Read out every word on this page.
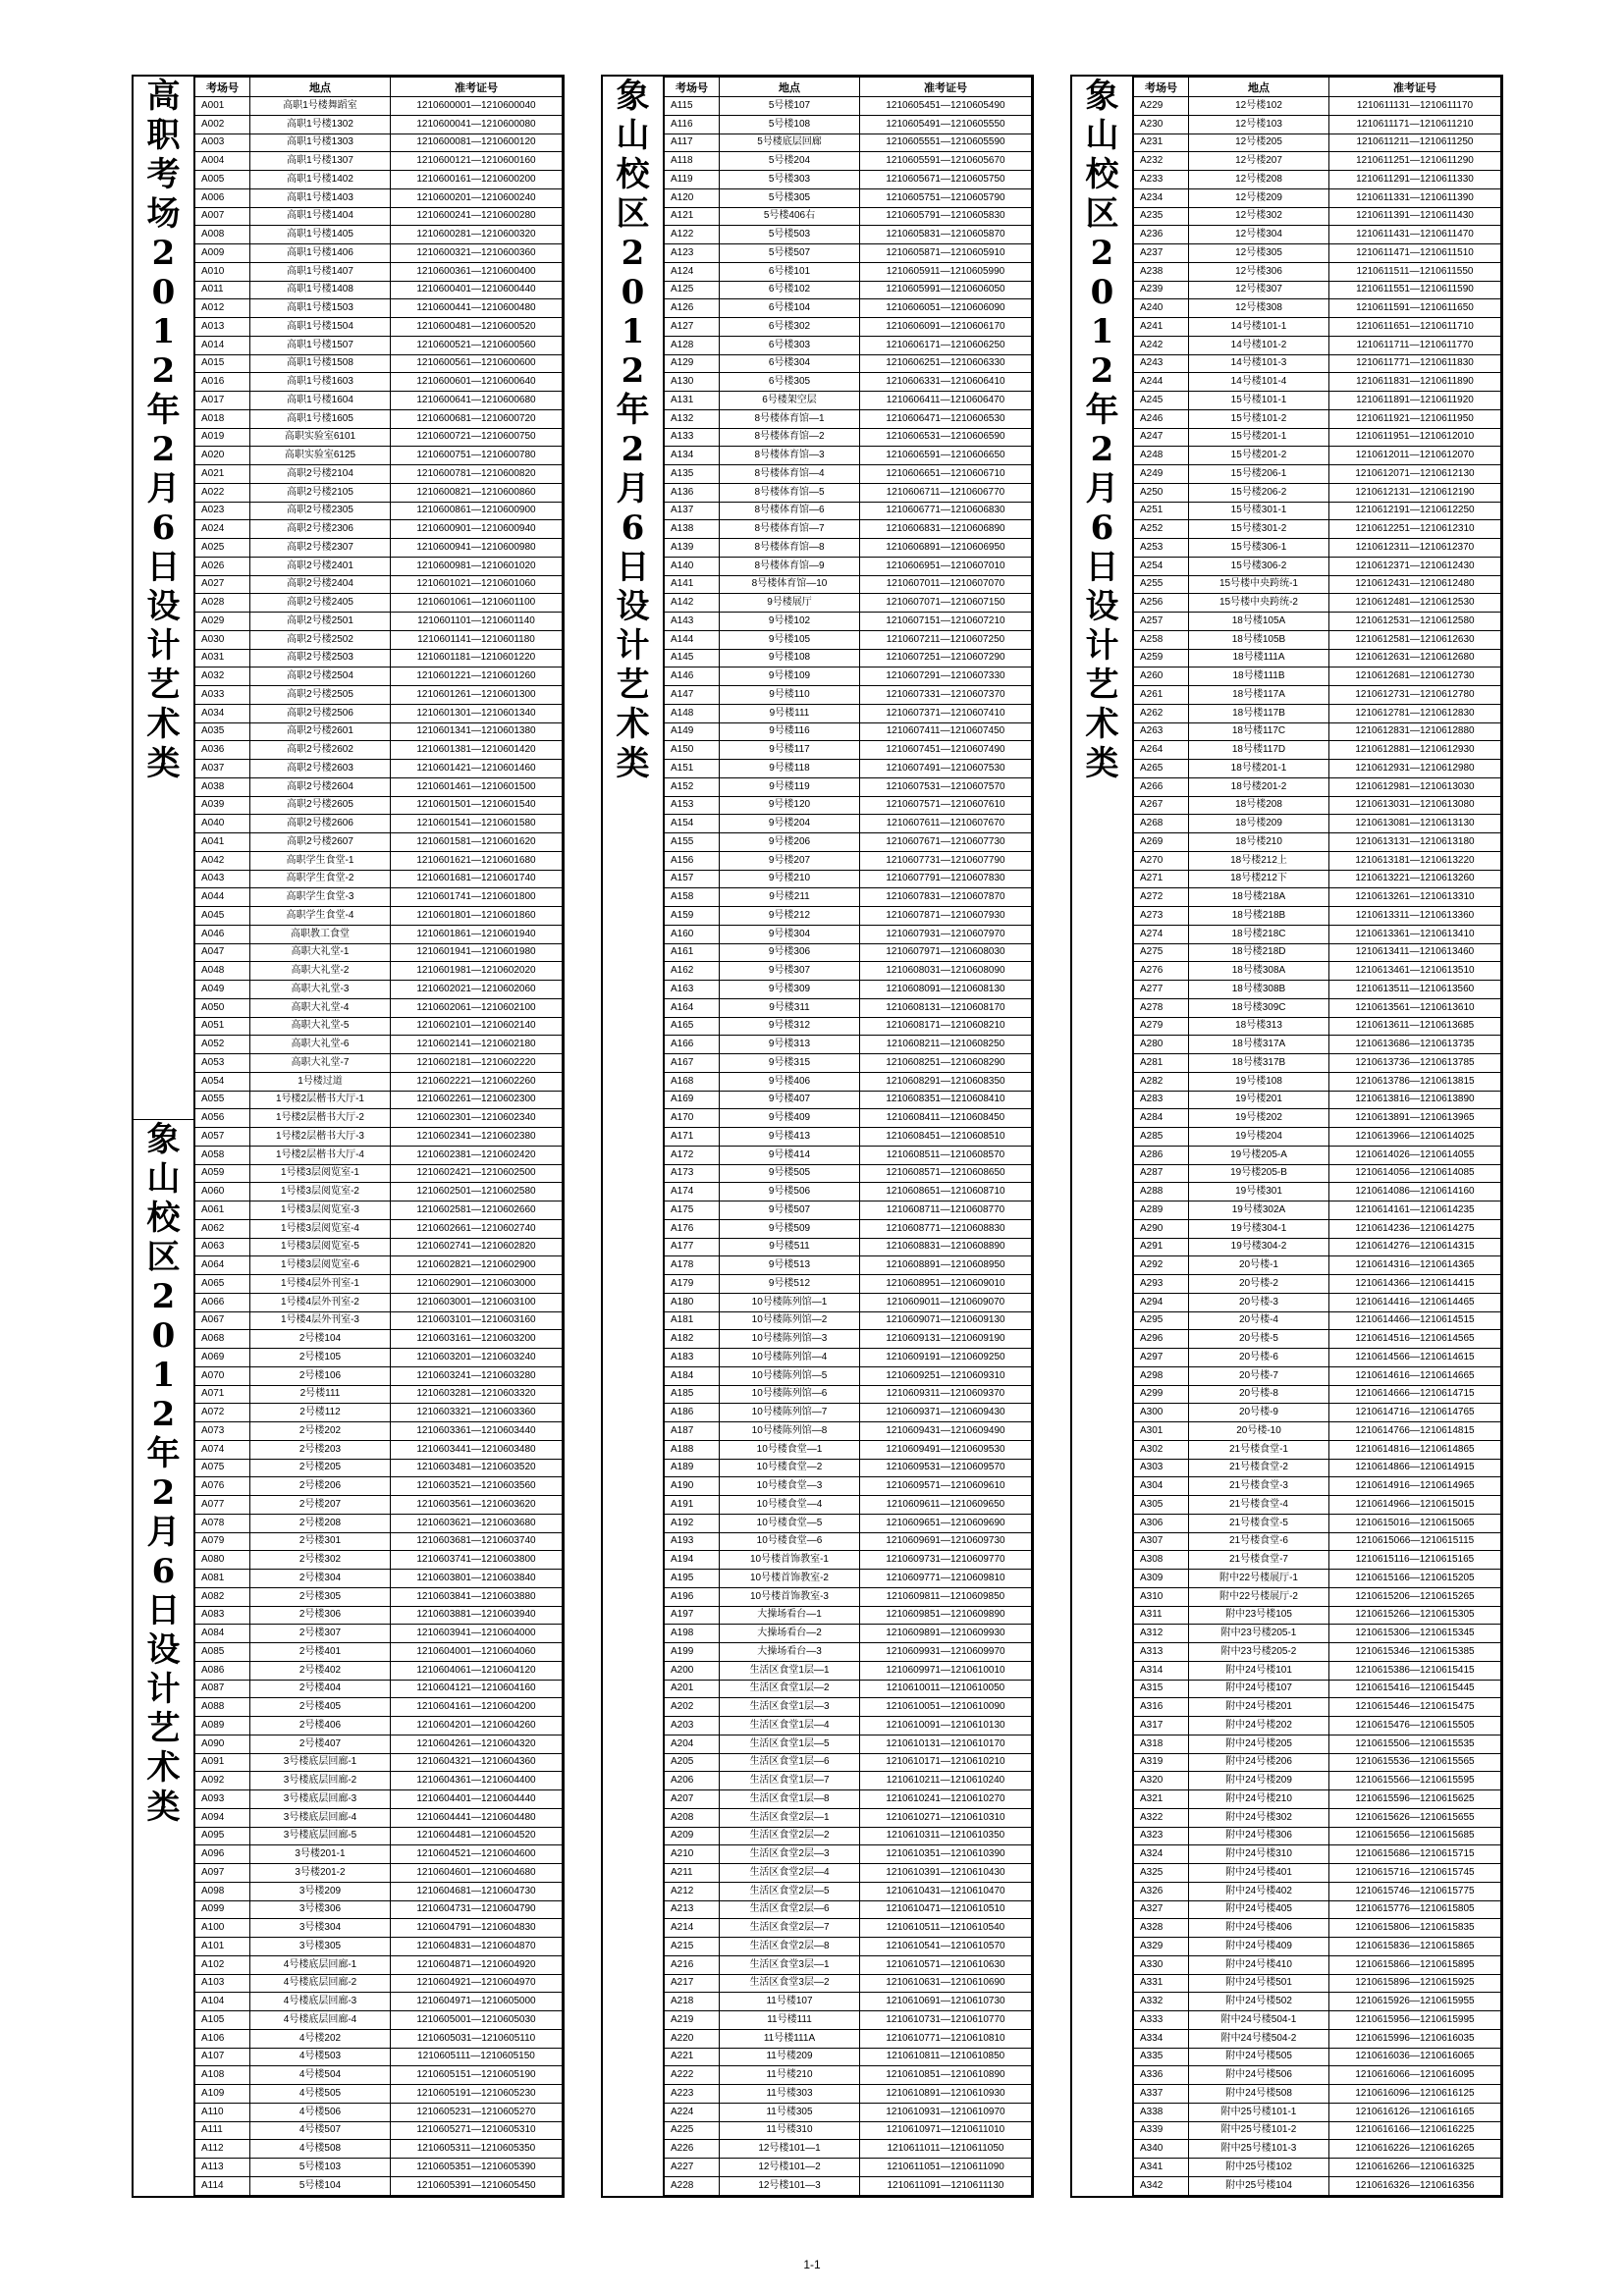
高职考场 2012年2月6日 设计艺术类
象山校区 2012年2月6日 设计艺术类
考场号	地点	准考证号
A001	高职1号楼舞蹈室	1210600001—1210600040
A002	高职1号楼1302	1210600041—1210600080
A003	高职1号楼1303	1210600081—1210600120
A004	高职1号楼1307	1210600121—1210600160
A005	高职1号楼1402	1210600161—1210600200
A006	高职1号楼1403	1210600201—1210600240
A007	高职1号楼1404	1210600241—1210600280
A008	高职1号楼1405	1210600281—1210600320
A009	高职1号楼1406	1210600321—1210600360
A010	高职1号楼1407	1210600361—1210600400
A011	高职1号楼1408	1210600401—1210600440
A012	高职1号楼1503	1210600441—1210600480
A013	高职1号楼1504	1210600481—1210600520
A014	高职1号楼1507	1210600521—1210600560
A015	高职1号楼1508	1210600561—1210600600
A016	高职1号楼1603	1210600601—1210600640
A017	高职1号楼1604	1210600641—1210600680
A018	高职1号楼1605	1210600681—1210600720
A019	高职实验室6101	1210600721—1210600750
A020	高职实验室6125	1210600751—1210600780
A021	高职2号楼2104	1210600781—1210600820
A022	高职2号楼2105	1210600821—1210600860
A023	高职2号楼2305	1210600861—1210600900
A024	高职2号楼2306	1210600901—1210600940
A025	高职2号楼2307	1210600941—1210600980
A026	高职2号楼2401	1210600981—1210601020
A027	高职2号楼2404	1210601021—1210601060
A028	高职2号楼2405	1210601061—1210601100
A029	高职2号楼2501	1210601101—1210601140
A030	高职2号楼2502	1210601141—1210601180
A031	高职2号楼2503	1210601181—1210601220
A032	高职2号楼2504	1210601221—1210601260
A033	高职2号楼2505	1210601261—1210601300
A034	高职2号楼2506	1210601301—1210601340
A035	高职2号楼2601	1210601341—1210601380
A036	高职2号楼2602	1210601381—1210601420
A037	高职2号楼2603	1210601421—1210601460
A038	高职2号楼2604	1210601461—1210601500
A039	高职2号楼2605	1210601501—1210601540
A040	高职2号楼2606	1210601541—1210601580
A041	高职2号楼2607	1210601581—1210601620
A042	高职学生食堂-1	1210601621—1210601680
A043	高职学生食堂-2	1210601681—1210601740
A044	高职学生食堂-3	1210601741—1210601800
A045	高职学生食堂-4	1210601801—1210601860
A046	高职教工食堂	1210601861—1210601940
A047	高职大礼堂-1	1210601941—1210601980
A048	高职大礼堂-2	1210601981—1210602020
A049	高职大礼堂-3	1210602021—1210602060
A050	高职大礼堂-4	1210602061—1210602100
A051	高职大礼堂-5	1210602101—1210602140
A052	高职大礼堂-6	1210602141—1210602180
A053	高职大礼堂-7	1210602181—1210602220
A054	1号楼过道	1210602221—1210602260
A055	1号楼2层楷书大厅-1	1210602261—1210602300
A056	1号楼2层楷书大厅-2	1210602301—1210602340
A057	1号楼2层楷书大厅-3	1210602341—1210602380
A058	1号楼2层楷书大厅-4	1210602381—1210602420
A059	1号楼3层阅览室-1	1210602421—1210602500
A060	1号楼3层阅览室-2	1210602501—1210602580
A061	1号楼3层阅览室-3	1210602581—1210602660
A062	1号楼3层阅览室-4	1210602661—1210602740
A063	1号楼3层阅览室-5	1210602741—1210602820
A064	1号楼3层阅览室-6	1210602821—1210602900
A065	1号楼4层外刊室-1	1210602901—1210603000
A066	1号楼4层外刊室-2	1210603001—1210603100
A067	1号楼4层外刊室-3	1210603101—1210603160
A068	2号楼104	1210603161—1210603200
A069	2号楼105	1210603201—1210603240
A070	2号楼106	1210603241—1210603280
A071	2号楼111	1210603281—1210603320
A072	2号楼112	1210603321—1210603360
A073	2号楼202	1210603361—1210603440
A074	2号楼203	1210603441—1210603480
A075	2号楼205	1210603481—1210603520
A076	2号楼206	1210603521—1210603560
A077	2号楼207	1210603561—1210603620
A078	2号楼208	1210603621—1210603680
A079	2号楼301	1210603681—1210603740
A080	2号楼302	1210603741—1210603800
A081	2号楼304	1210603801—1210603840
A082	2号楼305	1210603841—1210603880
A083	2号楼306	1210603881—1210603940
A084	2号楼307	1210603941—1210604000
A085	2号楼401	1210604001—1210604060
A086	2号楼402	1210604061—1210604120
A087	2号楼404	1210604121—1210604160
A088	2号楼405	1210604161—1210604200
A089	2号楼406	1210604201—1210604260
A090	2号楼407	1210604261—1210604320
A091	3号楼底层回廊-1	1210604321—1210604360
A092	3号楼底层回廊-2	1210604361—1210604400
A093	3号楼底层回廊-3	1210604401—1210604440
A094	3号楼底层回廊-4	1210604441—1210604480
A095	3号楼底层回廊-5	1210604481—1210604520
A096	3号楼201-1	1210604521—1210604600
A097	3号楼201-2	1210604601—1210604680
A098	3号楼209	1210604681—1210604730
A099	3号楼306	1210604731—1210604790
A100	3号楼304	1210604791—1210604830
A101	3号楼305	1210604831—1210604870
A102	4号楼底层回廊-1	1210604871—1210604920
A103	4号楼底层回廊-2	1210604921—1210604970
A104	4号楼底层回廊-3	1210604971—1210605000
A105	4号楼底层回廊-4	1210605001—1210605030
A106	4号楼202	1210605031—1210605110
A107	4号楼503	1210605111—1210605150
A108	4号楼504	1210605151—1210605190
A109	4号楼505	1210605191—1210605230
A110	4号楼506	1210605231—1210605270
A111	4号楼507	1210605271—1210605310
A112	4号楼508	1210605311—1210605350
A113	5号楼103	1210605351—1210605390
A114	5号楼104	1210605391—1210605450
象山校区 2012年2月6日 设计艺术类
考场号	地点	准考证号
A115	5号楼107	1210605451—1210605490
A116	5号楼108	1210605491—1210605550
A117	5号楼底层回廊	1210605551—1210605590
A118	5号楼204	1210605591—1210605670
A119	5号楼303	1210605671—1210605750
A120	5号楼305	1210605751—1210605790
A121	5号楼406右	1210605791—1210605830
A122	5号楼503	1210605831—1210605870
A123	5号楼507	1210605871—1210605910
A124	6号楼101	1210605911—1210605990
A125	6号楼102	1210605991—1210606050
A126	6号楼104	1210606051—1210606090
A127	6号楼302	1210606091—1210606170
A128	6号楼303	1210606171—1210606250
A129	6号楼304	1210606251—1210606330
A130	6号楼305	1210606331—1210606410
A131	6号楼架空层	1210606411—1210606470
A132	8号楼体育馆—1	1210606471—1210606530
A133	8号楼体育馆—2	1210606531—1210606590
A134	8号楼体育馆—3	1210606591—1210606650
A135	8号楼体育馆—4	1210606651—1210606710
A136	8号楼体育馆—5	1210606711—1210606770
A137	8号楼体育馆—6	1210606771—1210606830
A138	8号楼体育馆—7	1210606831—1210606890
A139	8号楼体育馆—8	1210606891—1210606950
A140	8号楼体育馆—9	1210606951—1210607010
A141	8号楼体育馆—10	1210607011—1210607070
A142	9号楼展厅	1210607071—1210607150
A143	9号楼102	1210607151—1210607210
A144	9号楼105	1210607211—1210607250
A145	9号楼108	1210607251—1210607290
A146	9号楼109	1210607291—1210607330
A147	9号楼110	1210607331—1210607370
A148	9号楼111	1210607371—1210607410
A149	9号楼116	1210607411—1210607450
A150	9号楼117	1210607451—1210607490
A151	9号楼118	1210607491—1210607530
A152	9号楼119	1210607531—1210607570
A153	9号楼120	1210607571—1210607610
A154	9号楼204	1210607611—1210607670
A155	9号楼206	1210607671—1210607730
A156	9号楼207	1210607731—1210607790
A157	9号楼210	1210607791—1210607830
A158	9号楼211	1210607831—1210607870
A159	9号楼212	1210607871—1210607930
A160	9号楼304	1210607931—1210607970
A161	9号楼306	1210607971—1210608030
A162	9号楼307	1210608031—1210608090
A163	9号楼309	1210608091—1210608130
A164	9号楼311	1210608131—1210608170
A165	9号楼312	1210608171—1210608210
A166	9号楼313	1210608211—1210608250
A167	9号楼315	1210608251—1210608290
A168	9号楼406	1210608291—1210608350
A169	9号楼407	1210608351—1210608410
A170	9号楼409	1210608411—1210608450
A171	9号楼413	1210608451—1210608510
A172	9号楼414	1210608511—1210608570
A173	9号楼505	1210608571—1210608650
A174	9号楼506	1210608651—1210608710
A175	9号楼507	1210608711—1210608770
A176	9号楼509	1210608771—1210608830
A177	9号楼511	1210608831—1210608890
A178	9号楼513	1210608891—1210608950
A179	9号楼512	1210608951—1210609010
A180	10号楼陈列馆—1	1210609011—1210609070
A181	10号楼陈列馆—2	1210609071—1210609130
A182	10号楼陈列馆—3	1210609131—1210609190
A183	10号楼陈列馆—4	1210609191—1210609250
A184	10号楼陈列馆—5	1210609251—1210609310
A185	10号楼陈列馆—6	1210609311—1210609370
A186	10号楼陈列馆—7	1210609371—1210609430
A187	10号楼陈列馆—8	1210609431—1210609490
A188	10号楼食堂—1	1210609491—1210609530
A189	10号楼食堂—2	1210609531—1210609570
A190	10号楼食堂—3	1210609571—1210609610
A191	10号楼食堂—4	1210609611—1210609650
A192	10号楼食堂—5	1210609651—1210609690
A193	10号楼食堂—6	1210609691—1210609730
A194	10号楼首饰教室-1	1210609731—1210609770
A195	10号楼首饰教室-2	1210609771—1210609810
A196	10号楼首饰教室-3	1210609811—1210609850
A197	大操场看台—1	1210609851—1210609890
A198	大操场看台—2	1210609891—1210609930
A199	大操场看台—3	1210609931—1210609970
A200	生活区食堂1层—1	1210609971—1210610010
A201	生活区食堂1层—2	1210610011—1210610050
A202	生活区食堂1层—3	1210610051—1210610090
A203	生活区食堂1层—4	1210610091—1210610130
A204	生活区食堂1层—5	1210610131—1210610170
A205	生活区食堂1层—6	1210610171—1210610210
A206	生活区食堂1层—7	1210610211—1210610240
A207	生活区食堂1层—8	1210610241—1210610270
A208	生活区食堂2层—1	1210610271—1210610310
A209	生活区食堂2层—2	1210610311—1210610350
A210	生活区食堂2层—3	1210610351—1210610390
A211	生活区食堂2层—4	1210610391—1210610430
A212	生活区食堂2层—5	1210610431—1210610470
A213	生活区食堂2层—6	1210610471—1210610510
A214	生活区食堂2层—7	1210610511—1210610540
A215	生活区食堂2层—8	1210610541—1210610570
A216	生活区食堂3层—1	1210610571—1210610630
A217	生活区食堂3层—2	1210610631—1210610690
A218	11号楼107	1210610691—1210610730
A219	11号楼111	1210610731—1210610770
A220	11号楼111A	1210610771—1210610810
A221	11号楼209	1210610811—1210610850
A222	11号楼210	1210610851—1210610890
A223	11号楼303	1210610891—1210610930
A224	11号楼305	1210610931—1210610970
A225	11号楼310	1210610971—1210611010
A226	12号楼101—1	1210611011—1210611050
A227	12号楼101—2	1210611051—1210611090
A228	12号楼101—3	1210611091—1210611130
象山校区 2012年2月6日 设计艺术类
考场号	地点	准考证号
A229	12号楼102	1210611131—1210611170
A230	12号楼103	1210611171—1210611210
A231	12号楼205	1210611211—1210611250
A232	12号楼207	1210611251—1210611290
A233	12号楼208	1210611291—1210611330
A234	12号楼209	1210611331—1210611390
A235	12号楼302	1210611391—1210611430
A236	12号楼304	1210611431—1210611470
A237	12号楼305	1210611471—1210611510
A238	12号楼306	1210611511—1210611550
A239	12号楼307	1210611551—1210611590
A240	12号楼308	1210611591—1210611650
A241	14号楼101-1	1210611651—1210611710
A242	14号楼101-2	1210611711—1210611770
A243	14号楼101-3	1210611771—1210611830
A244	14号楼101-4	1210611831—1210611890
A245	15号楼101-1	1210611891—1210611920
A246	15号楼101-2	1210611921—1210611950
A247	15号楼201-1	1210611951—1210612010
A248	15号楼201-2	1210612011—1210612070
A249	15号楼206-1	1210612071—1210612130
A250	15号楼206-2	1210612131—1210612190
A251	15号楼301-1	1210612191—1210612250
A252	15号楼301-2	1210612251—1210612310
A253	15号楼306-1	1210612311—1210612370
A254	15号楼306-2	1210612371—1210612430
A255	15号楼中央跨统-1	1210612431—1210612480
A256	15号楼中央跨统-2	1210612481—1210612530
A257	18号楼105A	1210612531—1210612580
A258	18号楼105B	1210612581—1210612630
A259	18号楼111A	1210612631—1210612680
A260	18号楼111B	1210612681—1210612730
A261	18号楼117A	1210612731—1210612780
A262	18号楼117B	1210612781—1210612830
A263	18号楼117C	1210612831—1210612880
A264	18号楼117D	1210612881—1210612930
A265	18号楼201-1	1210612931—1210612980
A266	18号楼201-2	1210612981—1210613030
A267	18号楼208	1210613031—1210613080
A268	18号楼209	1210613081—1210613130
A269	18号楼210	1210613131—1210613180
A270	18号楼212上	1210613181—1210613220
A271	18号楼212下	1210613221—1210613260
A272	18号楼218A	1210613261—1210613310
A273	18号楼218B	1210613311—1210613360
A274	18号楼218C	1210613361—1210613410
A275	18号楼218D	1210613411—1210613460
A276	18号楼308A	1210613461—1210613510
A277	18号楼308B	1210613511—1210613560
A278	18号楼309C	1210613561—1210613610
A279	18号楼313	1210613611—1210613685
A280	18号楼317A	1210613686—1210613735
A281	18号楼317B	1210613736—1210613785
A282	19号楼108	1210613786—1210613815
A283	19号楼201	1210613816—1210613890
A284	19号楼202	1210613891—1210613965
A285	19号楼204	1210613966—1210614025
A286	19号楼205-A	1210614026—1210614055
A287	19号楼205-B	1210614056—1210614085
A288	19号楼301	1210614086—1210614160
A289	19号楼302A	1210614161—1210614235
A290	19号楼304-1	1210614236—1210614275
A291	19号楼304-2	1210614276—1210614315
A292	20号楼-1	1210614316—1210614365
A293	20号楼-2	1210614366—1210614415
A294	20号楼-3	1210614416—1210614465
A295	20号楼-4	1210614466—1210614515
A296	20号楼-5	1210614516—1210614565
A297	20号楼-6	1210614566—1210614615
A298	20号楼-7	1210614616—1210614665
A299	20号楼-8	1210614666—1210614715
A300	20号楼-9	1210614716—1210614765
A301	20号楼-10	1210614766—1210614815
A302	21号楼食堂-1	1210614816—1210614865
A303	21号楼食堂-2	1210614866—1210614915
A304	21号楼食堂-3	1210614916—1210614965
A305	21号楼食堂-4	1210614966—1210615015
A306	21号楼食堂-5	1210615016—1210615065
A307	21号楼食堂-6	1210615066—1210615115
A308	21号楼食堂-7	1210615116—1210615165
A309	附中22号楼展厅-1	1210615166—1210615205
A310	附中22号楼展厅-2	1210615206—1210615265
A311	附中23号楼105	1210615266—1210615305
A312	附中23号楼205-1	1210615306—1210615345
A313	附中23号楼205-2	1210615346—1210615385
A314	附中24号楼101	1210615386—1210615415
A315	附中24号楼107	1210615416—1210615445
A316	附中24号楼201	1210615446—1210615475
A317	附中24号楼202	1210615476—1210615505
A318	附中24号楼205	1210615506—1210615535
A319	附中24号楼206	1210615536—1210615565
A320	附中24号楼209	1210615566—1210615595
A321	附中24号楼210	1210615596—1210615625
A322	附中24号楼302	1210615626—1210615655
A323	附中24号楼306	1210615656—1210615685
A324	附中24号楼310	1210615686—1210615715
A325	附中24号楼401	1210615716—1210615745
A326	附中24号楼402	1210615746—1210615775
A327	附中24号楼405	1210615776—1210615805
A328	附中24号楼406	1210615806—1210615835
A329	附中24号楼409	1210615836—1210615865
A330	附中24号楼410	1210615866—1210615895
A331	附中24号楼501	1210615896—1210615925
A332	附中24号楼502	1210615926—1210615955
A333	附中24号楼504-1	1210615956—1210615995
A334	附中24号楼504-2	1210615996—1210616035
A335	附中24号楼505	1210616036—1210616065
A336	附中24号楼506	1210616066—1210616095
A337	附中24号楼508	1210616096—1210616125
A338	附中25号楼101-1	1210616126—1210616165
A339	附中25号楼101-2	1210616166—1210616225
A340	附中25号楼101-3	1210616226—1210616265
A341	附中25号楼102	1210616266—1210616325
A342	附中25号楼104	1210616326—1210616356
1-1
